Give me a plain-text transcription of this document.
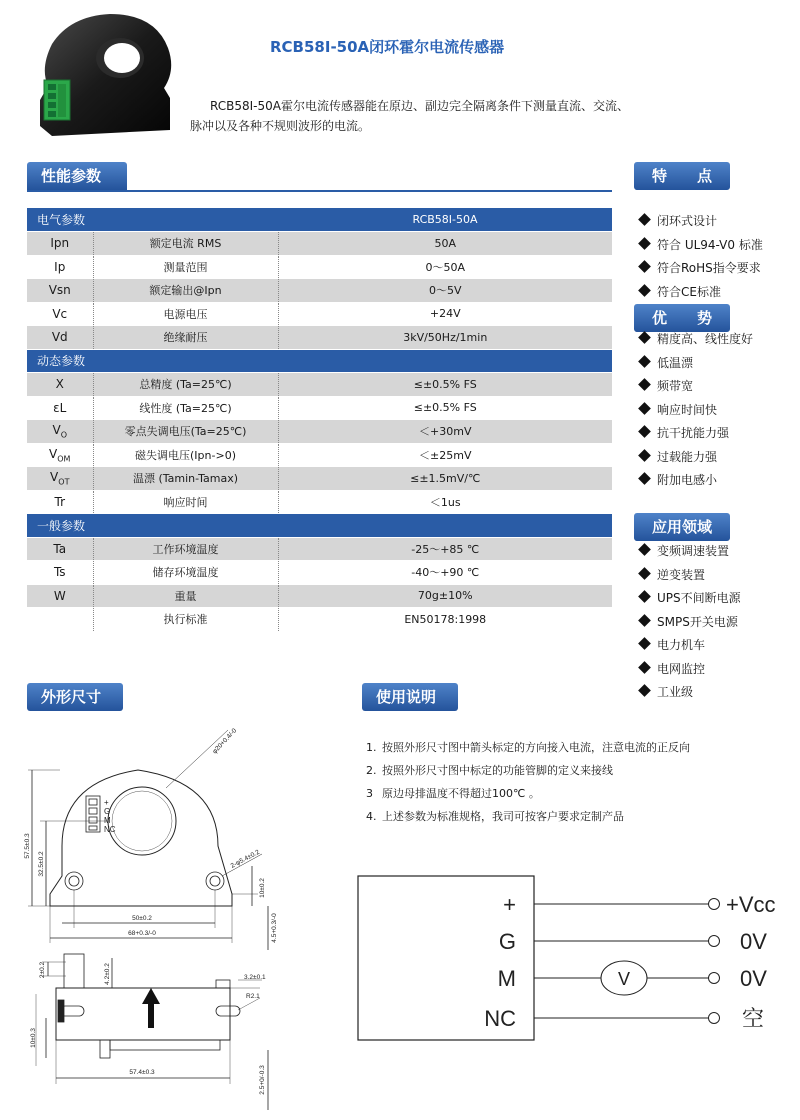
RCB58I-50A闭环霍尔电流传感器
RCB58I-50A霍尔电流传感器能在原边、副边完全隔离条件下测量直流、交流、脉冲以及各种不规则波形的电流。
性能参数
电气参数		RCB58I-50A
Ipn	额定电流 RMS	50A
Ip	测量范围	0～50A
Vsn	额定输出@Ipn	0～5V
Vc	电源电压	+24V
Vd	绝缘耐压	3kV/50Hz/1min
动态参数		
X	总精度 (Ta=25℃)	≤±0.5% FS
εL	线性度 (Ta=25℃)	≤±0.5% FS
$V_O$	零点失调电压(Ta=25℃)	＜+30mV
$V_{OM}$	磁失调电压(Ipn->0)	＜±25mV
$V_{OT}$	温漂 (Tamin-Tamax)	≤±1.5mV/℃
Tr	响应时间	＜1us
一般参数		
Ta	工作环境温度	-25～+85 ℃
Ts	储存环境温度	-40～+90 ℃
W	重量	70g±10%
	执行标准	EN50178:1998
特　　点
闭环式设计
符合 UL94-V0 标准
符合RoHS指令要求
符合CE标准
优　　势
精度高、线性度好
低温漂
频带宽
响应时间快
抗干扰能力强
过载能力强
附加电感小
应用领域
变频调速装置
逆变装置
UPS不间断电源
SMPS开关电源
电力机车
电网监控
工业级
外形尺寸	使用说明
1. 按照外形尺寸图中箭头标定的方向接入电流，注意电流的正反向
2. 按照外形尺寸图中标定的功能管脚的定义来接线
3 原边母排温度不得超过100℃ 。
4. 上述参数为标准规格，我司可按客户要求定制产品
+
G
M
NC
57.5±0.3
32.5±0.2
φ20+0.4/-0
2-φ5.4±0.2
10±0.2
50±0.2
68+0.3/-0	4.5+0.3/-0
2±0.2	4.2±0.2	3.2±0.1
R2.1
10±0.3
57.4±0.3	2.5+0/-0.3
+
G
M
NC
V
+Vcc
0V
0V
空
